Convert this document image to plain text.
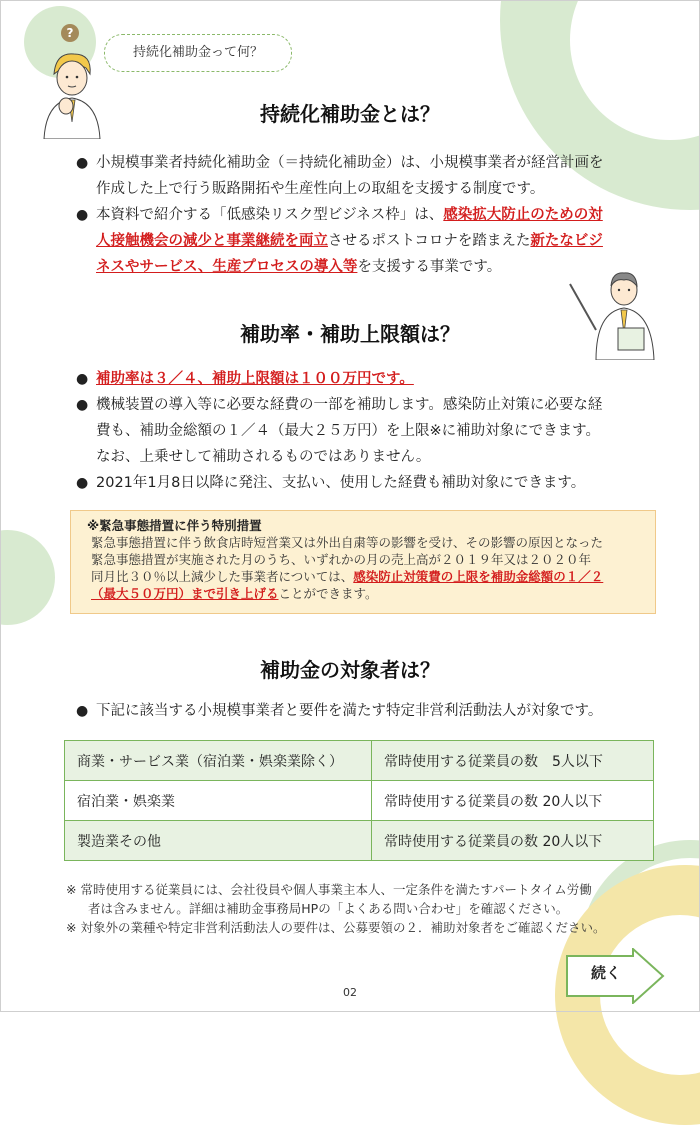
?
持続化補助金って何？
持続化補助金とは？
● 小規模事業者持続化補助金（＝持続化補助金）は、小規模事業者が経営計画を
作成した上で行う販路開拓や生産性向上の取組を支援する制度です。
● 本資料で紹介する「低感染リスク型ビジネス枠」は、感染拡大防止のための対
人接触機会の減少と事業継続を両立させるポストコロナを踏まえた新たなビジ
ネスやサービス、生産プロセスの導入等を支援する事業です。
補助率・補助上限額は？
● 補助率は３／４、補助上限額は１００万円です。
● 機械装置の導入等に必要な経費の一部を補助します。感染防止対策に必要な経
費も、補助金総額の１／４（最大２５万円）を上限※に補助対象にできます。
なお、上乗せして補助されるものではありません。
● 2021年1月8日以降に発注、支払い、使用した経費も補助対象にできます。
※緊急事態措置に伴う特別措置
緊急事態措置に伴う飲食店時短営業又は外出自粛等の影響を受け、その影響の原因となった
緊急事態措置が実施された月のうち、いずれかの月の売上高が２０１９年又は２０２０年
同月比３０％以上減少した事業者については、感染防止対策費の上限を補助金総額の１／２
（最大５０万円）まで引き上げることができます。
補助金の対象者は？
● 下記に該当する小規模事業者と要件を満たす特定非営利活動法人が対象です。
商業・サービス業（宿泊業・娯楽業除く）	常時使用する従業員の数　5人以下
宿泊業・娯楽業	常時使用する従業員の数 20人以下
製造業その他	常時使用する従業員の数 20人以下
※ 常時使用する従業員には、会社役員や個人事業主本人、一定条件を満たすパートタイム労働
者は含みません。詳細は補助金事務局HPの「よくある問い合わせ」を確認ください。
※ 対象外の業種や特定非営利活動法人の要件は、公募要領の２．補助対象者をご確認ください。
続く
02
